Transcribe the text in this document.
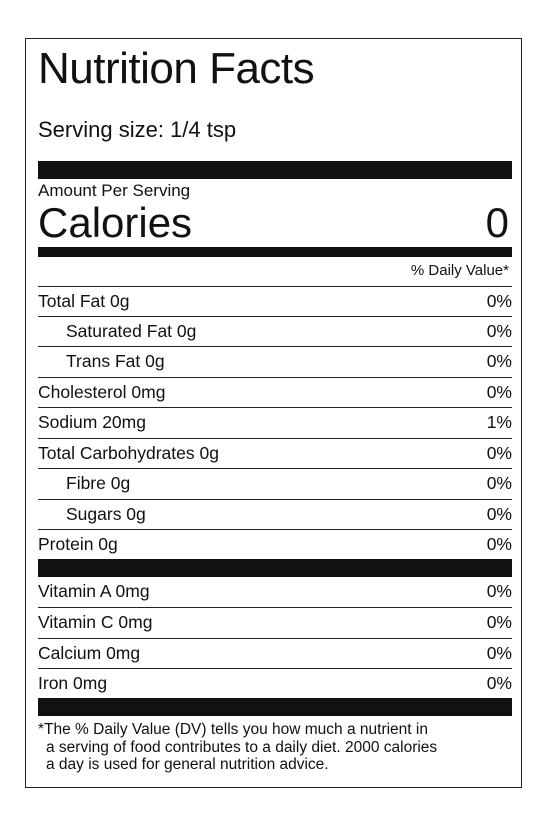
Nutrition Facts
Serving size: 1/4 tsp
Amount Per Serving
Calories	0
% Daily Value*
Total Fat 0g	0%
Saturated Fat 0g	0%
Trans Fat 0g	0%
Cholesterol 0mg	0%
Sodium 20mg	1%
Total Carbohydrates 0g	0%
Fibre 0g	0%
Sugars 0g	0%
Protein 0g	0%
Vitamin A 0mg	0%
Vitamin C 0mg	0%
Calcium 0mg	0%
Iron 0mg	0%
*The % Daily Value (DV) tells you how much a nutrient in
a serving of food contributes to a daily diet. 2000 calories
a day is used for general nutrition advice.
